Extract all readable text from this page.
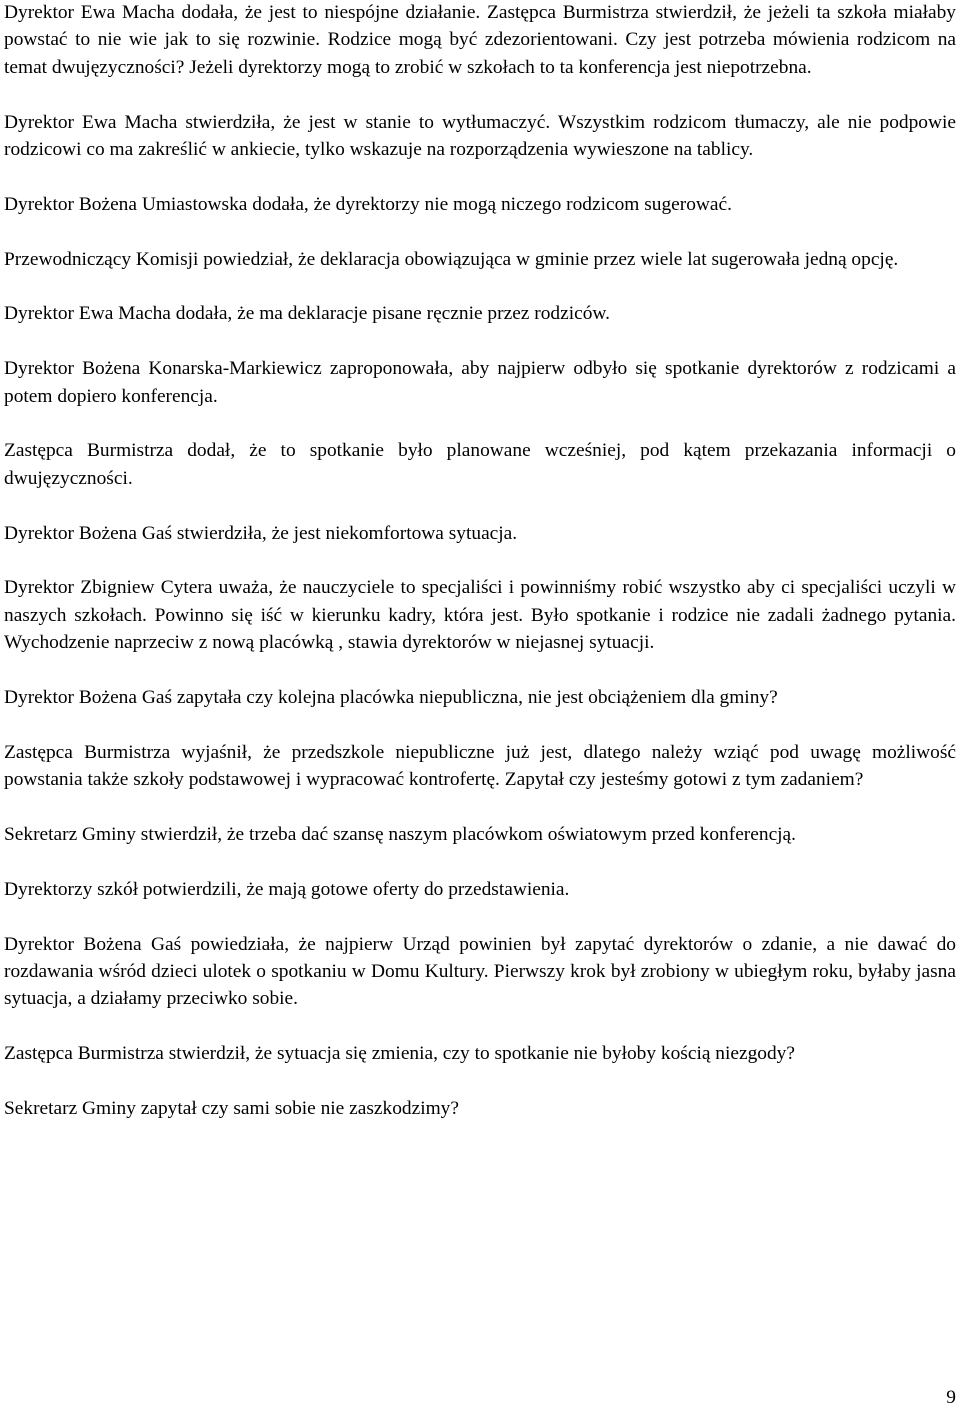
Dyrektor Ewa Macha dodała, że jest to niespójne działanie. Zastępca Burmistrza stwierdził, że jeżeli ta szkoła miałaby powstać to nie wie jak to się rozwinie. Rodzice mogą być zdezorientowani. Czy jest potrzeba mówienia rodzicom na temat dwujęzyczności? Jeżeli dyrektorzy mogą to zrobić w szkołach to ta konferencja jest niepotrzebna.

Dyrektor Ewa Macha stwierdziła, że jest w stanie to wytłumaczyć. Wszystkim rodzicom tłumaczy, ale nie podpowie rodzicowi co ma zakreślić w ankiecie, tylko wskazuje na rozporządzenia wywieszone na tablicy.

Dyrektor Bożena Umiastowska dodała, że dyrektorzy nie mogą niczego rodzicom sugerować.

Przewodniczący Komisji powiedział, że deklaracja obowiązująca w gminie przez wiele lat sugerowała jedną opcję.

Dyrektor Ewa Macha dodała, że ma deklaracje pisane ręcznie przez rodziców.

Dyrektor Bożena Konarska-Markiewicz zaproponowała, aby najpierw odbyło się spotkanie dyrektorów z rodzicami a potem dopiero konferencja.

Zastępca Burmistrza dodał, że to spotkanie było planowane wcześniej, pod kątem przekazania informacji o dwujęzyczności.

Dyrektor Bożena Gaś stwierdziła, że jest niekomfortowa sytuacja.

Dyrektor Zbigniew Cytera uważa, że nauczyciele to specjaliści i powinniśmy robić wszystko aby ci specjaliści uczyli w naszych szkołach. Powinno się iść w kierunku kadry, która jest. Było spotkanie i rodzice nie zadali żadnego pytania. Wychodzenie naprzeciw z nową placówką , stawia dyrektorów w niejasnej sytuacji.

Dyrektor Bożena Gaś zapytała czy kolejna placówka niepubliczna, nie jest obciążeniem dla gminy?

Zastępca Burmistrza wyjaśnił, że przedszkole niepubliczne już jest, dlatego należy wziąć pod uwagę możliwość powstania także szkoły podstawowej i wypracować kontrofertę. Zapytał czy jesteśmy gotowi z tym zadaniem?

Sekretarz Gminy stwierdził, że trzeba dać szansę naszym placówkom oświatowym przed konferencją.

Dyrektorzy szkół potwierdzili, że mają gotowe oferty do przedstawienia.

Dyrektor Bożena Gaś powiedziała, że najpierw Urząd powinien był zapytać dyrektorów o zdanie, a nie dawać do rozdawania wśród dzieci ulotek o spotkaniu w Domu Kultury. Pierwszy krok był zrobiony w ubiegłym roku, byłaby jasna sytuacja, a działamy przeciwko sobie.

Zastępca Burmistrza stwierdził, że sytuacja się zmienia, czy to spotkanie nie byłoby kością niezgody?

Sekretarz Gminy zapytał czy sami sobie nie zaszkodzimy?

9
